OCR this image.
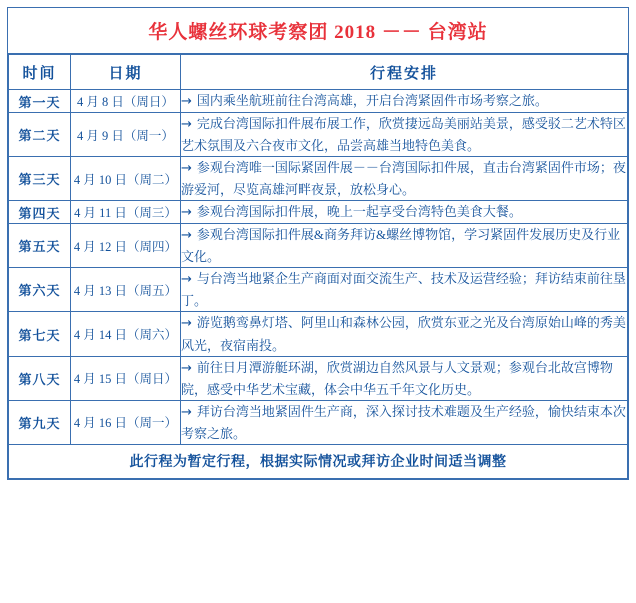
华人螺丝环球考察团 2018 －－ 台湾站
时间	日期	行程安排
第一天	4 月 8 日（周日）	→ 国内乘坐航班前往台湾高雄，开启台湾紧固件市场考察之旅。
第二天	4 月 9 日（周一）	→ 完成台湾国际扣件展布展工作，欣赏捿远岛美丽站美景，感受驳二艺术特区艺术氛围及六合夜市文化，品尝高雄当地特色美食。
第三天	4 月 10 日（周二）	→ 参观台湾唯一国际紧固件展－－台湾国际扣件展，直击台湾紧固件市场；夜游爱河，尽览高雄河畔夜景，放松身心。
第四天	4 月 11 日（周三）	→ 参观台湾国际扣件展，晚上一起享受台湾特色美食大餐。
第五天	4 月 12 日（周四）	→ 参观台湾国际扣件展&商务拜访&螺丝博物馆，学习紧固件发展历史及行业文化。
第六天	4 月 13 日（周五）	→ 与台湾当地紧企生产商面对面交流生产、技术及运营经验；拜访结束前往垦丁。
第七天	4 月 14 日（周六）	→ 游览鹅鸾鼻灯塔、阿里山和森林公园，欣赏东亚之光及台湾原始山峰的秀美风光，夜宿南投。
第八天	4 月 15 日（周日）	→ 前往日月潭游艇环湖，欣赏湖边自然风景与人文景观；参观台北故宫博物院，感受中华艺术宝藏，体会中华五千年文化历史。
第九天	4 月 16 日（周一）	→ 拜访台湾当地紧固件生产商，深入探讨技术难题及生产经验，愉快结束本次考察之旅。
此行程为暂定行程，根据实际情况或拜访企业时间适当调整		
